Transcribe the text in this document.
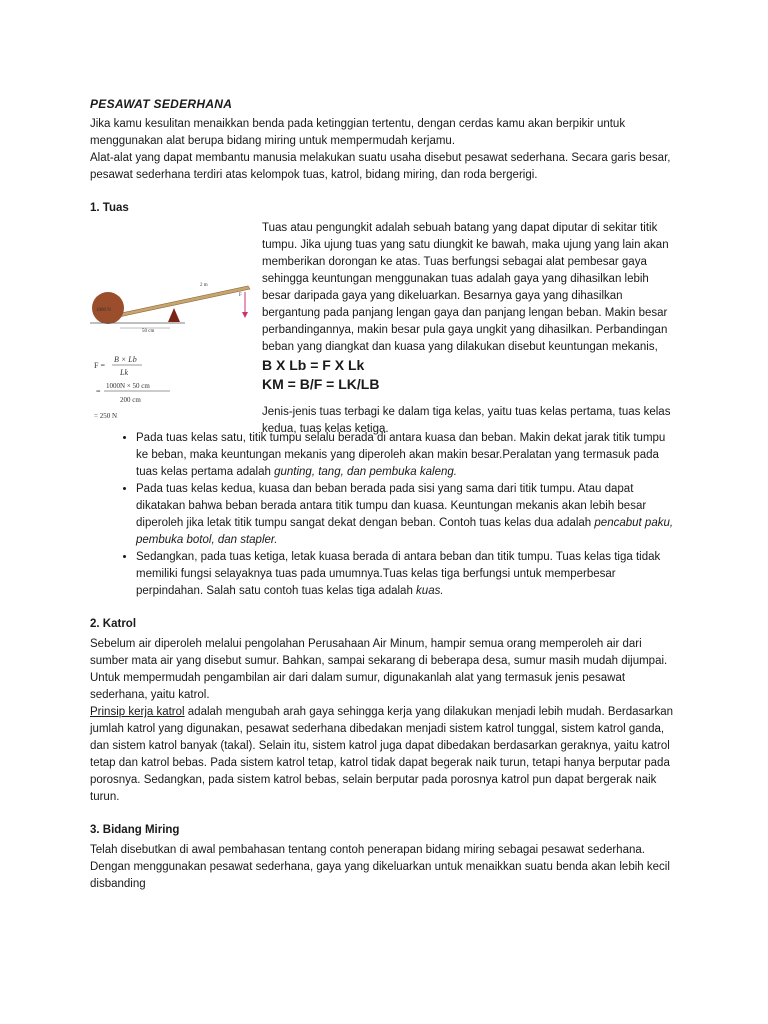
PESAWAT SEDERHANA

Jika kamu kesulitan menaikkan benda pada ketinggian tertentu, dengan cerdas kamu akan berpikir untuk menggunakan alat berupa bidang miring untuk mempermudah kerjamu.

Alat-alat yang dapat membantu manusia melakukan suatu usaha disebut pesawat sederhana. Secara garis besar, pesawat sederhana terdiri atas kelompok tuas, katrol, bidang miring, dan roda bergerigi.

1. Tuas
1000 N
2 m
50 cm
F
F =
B × Lb
Lk
=
1000N × 50 cm
200 cm
= 250 N

Tuas atau pengungkit adalah sebuah batang yang dapat diputar di sekitar titik tumpu. Jika ujung tuas yang satu diungkit ke bawah, maka ujung yang lain akan memberikan dorongan ke atas. Tuas berfungsi sebagai alat pembesar gaya sehingga keuntungan menggunakan tuas adalah gaya yang dihasilkan lebih besar daripada gaya yang dikeluarkan. Besarnya gaya yang dihasilkan bergantung pada panjang lengan gaya dan panjang lengan beban. Makin besar perbandingannya, makin besar pula gaya ungkit yang dihasilkan. Perbandingan beban yang diangkat dan kuasa yang dilakukan disebut keuntungan mekanis,

B X Lb = F X Lk
KM = B/F = LK/LB

Jenis-jenis tuas terbagi ke dalam tiga kelas, yaitu tuas kelas pertama, tuas kelas kedua, tuas kelas ketiga.

• Pada tuas kelas satu, titik tumpu selalu berada di antara kuasa dan beban. Makin dekat jarak titik tumpu ke beban, maka keuntungan mekanis yang diperoleh akan makin besar.Peralatan yang termasuk pada tuas kelas pertama adalah gunting, tang, dan pembuka kaleng.
• Pada tuas kelas kedua, kuasa dan beban berada pada sisi yang sama dari titik tumpu. Atau dapat dikatakan bahwa beban berada antara titik tumpu dan kuasa. Keuntungan mekanis akan lebih besar diperoleh jika letak titik tumpu sangat dekat dengan beban. Contoh tuas kelas dua adalah pencabut paku, pembuka botol, dan stapler.
• Sedangkan, pada tuas ketiga, letak kuasa berada di antara beban dan titik tumpu. Tuas kelas tiga tidak memiliki fungsi selayaknya tuas pada umumnya.Tuas kelas tiga berfungsi untuk memperbesar perpindahan. Salah satu contoh tuas kelas tiga adalah kuas.
2. Katrol

Sebelum air diperoleh melalui pengolahan Perusahaan Air Minum, hampir semua orang memperoleh air dari sumber mata air yang disebut sumur. Bahkan, sampai sekarang di beberapa desa, sumur masih mudah dijumpai. Untuk mempermudah pengambilan air dari dalam sumur, digunakanlah alat yang termasuk jenis pesawat sederhana, yaitu katrol.

Prinsip kerja katrol adalah mengubah arah gaya sehingga kerja yang dilakukan menjadi lebih mudah. Berdasarkan jumlah katrol yang digunakan, pesawat sederhana dibedakan menjadi sistem katrol tunggal, sistem katrol ganda, dan sistem katrol banyak (takal). Selain itu, sistem katrol juga dapat dibedakan berdasarkan geraknya, yaitu katrol tetap dan katrol bebas. Pada sistem katrol tetap, katrol tidak dapat begerak naik turun, tetapi hanya berputar pada porosnya. Sedangkan, pada sistem katrol bebas, selain berputar pada porosnya katrol pun dapat bergerak naik turun.

3. Bidang Miring

Telah disebutkan di awal pembahasan tentang contoh penerapan bidang miring sebagai pesawat sederhana. Dengan menggunakan pesawat sederhana, gaya yang dikeluarkan untuk menaikkan suatu benda akan lebih kecil disbanding
